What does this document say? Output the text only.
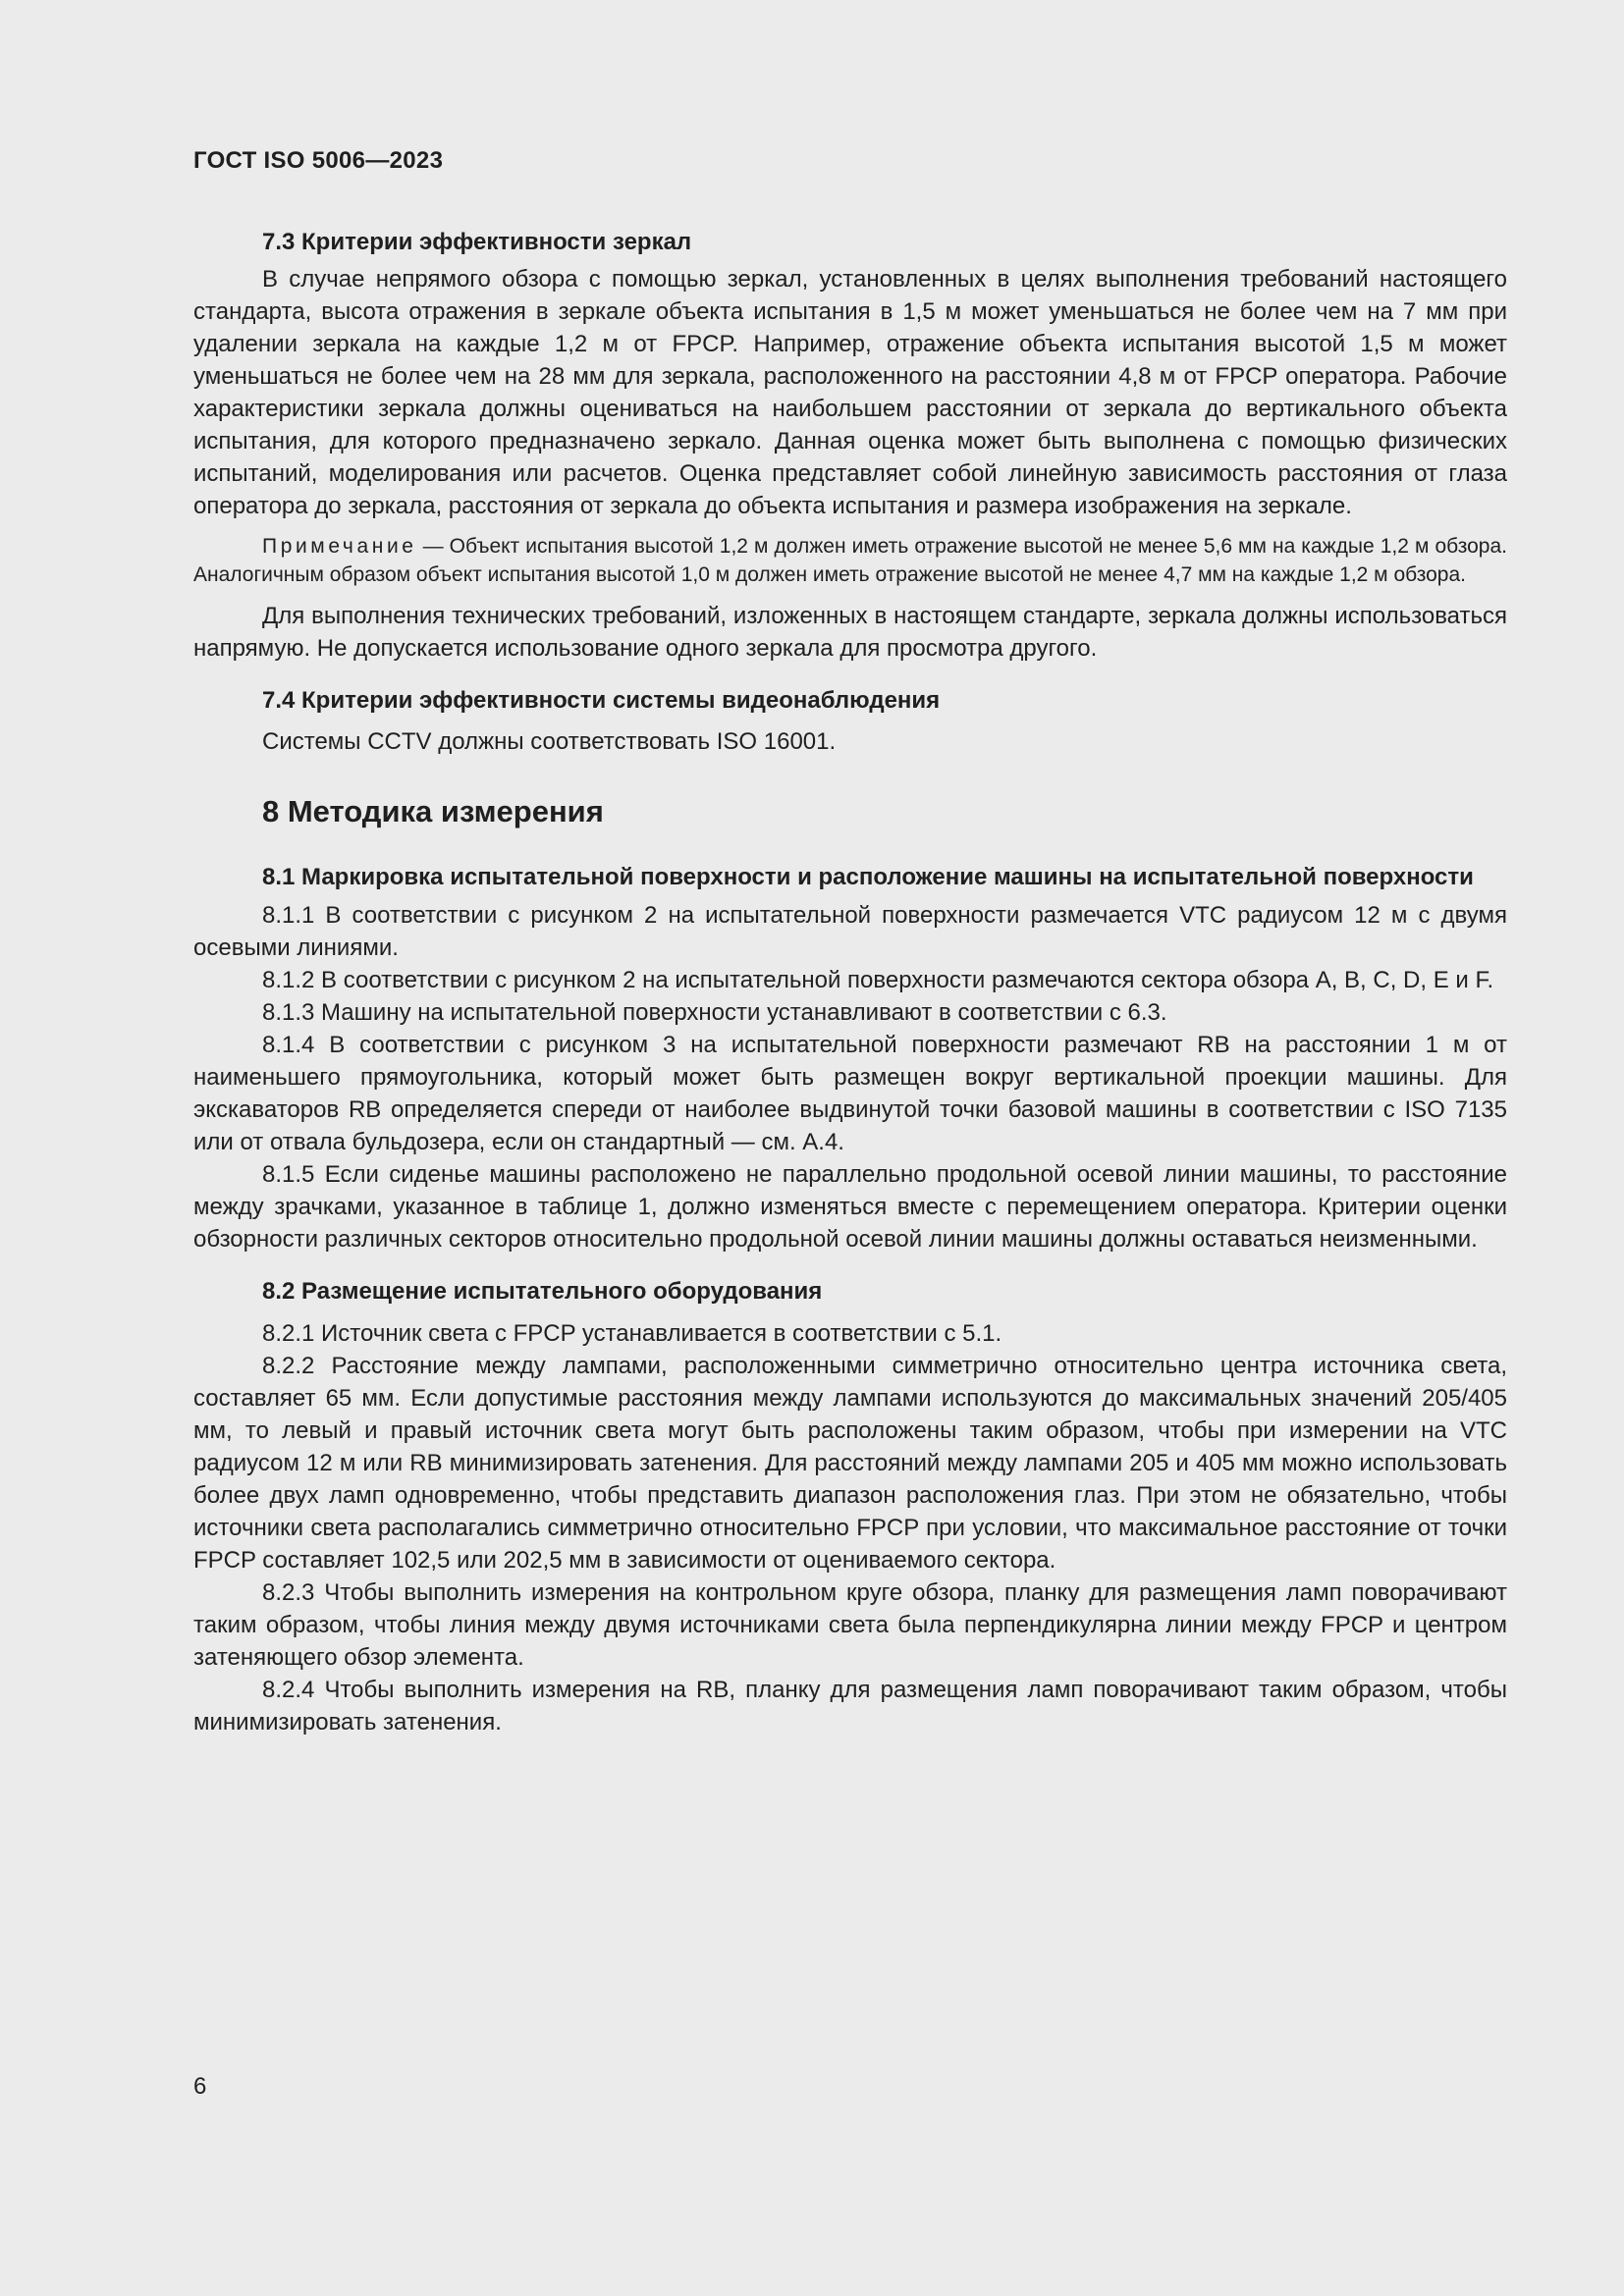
ГОСТ ISO 5006—2023

7.3 Критерии эффективности зеркал

В случае непрямого обзора с помощью зеркал, установленных в целях выполнения требований настоящего стандарта, высота отражения в зеркале объекта испытания в 1,5 м может уменьшаться не более чем на 7 мм при удалении зеркала на каждые 1,2 м от FPCP. Например, отражение объекта испытания высотой 1,5 м может уменьшаться не более чем на 28 мм для зеркала, расположенного на расстоянии 4,8 м от FPCP оператора. Рабочие характеристики зеркала должны оцениваться на наибольшем расстоянии от зеркала до вертикального объекта испытания, для которого предназначено зеркало. Данная оценка может быть выполнена с помощью физических испытаний, моделирования или расчетов. Оценка представляет собой линейную зависимость расстояния от глаза оператора до зеркала, расстояния от зеркала до объекта испытания и размера изображения на зеркале.

Примечание — Объект испытания высотой 1,2 м должен иметь отражение высотой не менее 5,6 мм на каждые 1,2 м обзора. Аналогичным образом объект испытания высотой 1,0 м должен иметь отражение высотой не менее 4,7 мм на каждые 1,2 м обзора.

Для выполнения технических требований, изложенных в настоящем стандарте, зеркала должны использоваться напрямую. Не допускается использование одного зеркала для просмотра другого.

7.4 Критерии эффективности системы видеонаблюдения

Системы CCTV должны соответствовать ISO 16001.

8 Методика измерения

8.1 Маркировка испытательной поверхности и расположение машины на испытательной поверхности

8.1.1 В соответствии с рисунком 2 на испытательной поверхности размечается VTC радиусом 12 м с двумя осевыми линиями.

8.1.2 В соответствии с рисунком 2 на испытательной поверхности размечаются сектора обзора A, B, C, D, E и F.

8.1.3 Машину на испытательной поверхности устанавливают в соответствии с 6.3.

8.1.4 В соответствии с рисунком 3 на испытательной поверхности размечают RB на расстоянии 1 м от наименьшего прямоугольника, который может быть размещен вокруг вертикальной проекции машины. Для экскаваторов RB определяется спереди от наиболее выдвинутой точки базовой машины в соответствии с ISO 7135 или от отвала бульдозера, если он стандартный — см. А.4.

8.1.5 Если сиденье машины расположено не параллельно продольной осевой линии машины, то расстояние между зрачками, указанное в таблице 1, должно изменяться вместе с перемещением оператора. Критерии оценки обзорности различных секторов относительно продольной осевой линии машины должны оставаться неизменными.

8.2 Размещение испытательного оборудования

8.2.1 Источник света с FPCP устанавливается в соответствии с 5.1.

8.2.2 Расстояние между лампами, расположенными симметрично относительно центра источника света, составляет 65 мм. Если допустимые расстояния между лампами используются до максимальных значений 205/405 мм, то левый и правый источник света могут быть расположены таким образом, чтобы при измерении на VTC радиусом 12 м или RB минимизировать затенения. Для расстояний между лампами 205 и 405 мм можно использовать более двух ламп одновременно, чтобы представить диапазон расположения глаз. При этом не обязательно, чтобы источники света располагались симметрично относительно FPCP при условии, что максимальное расстояние от точки FPCP составляет 102,5 или 202,5 мм в зависимости от оцениваемого сектора.

8.2.3 Чтобы выполнить измерения на контрольном круге обзора, планку для размещения ламп поворачивают таким образом, чтобы линия между двумя источниками света была перпендикулярна линии между FPCP и центром затеняющего обзор элемента.

8.2.4 Чтобы выполнить измерения на RB, планку для размещения ламп поворачивают таким образом, чтобы минимизировать затенения.

6
